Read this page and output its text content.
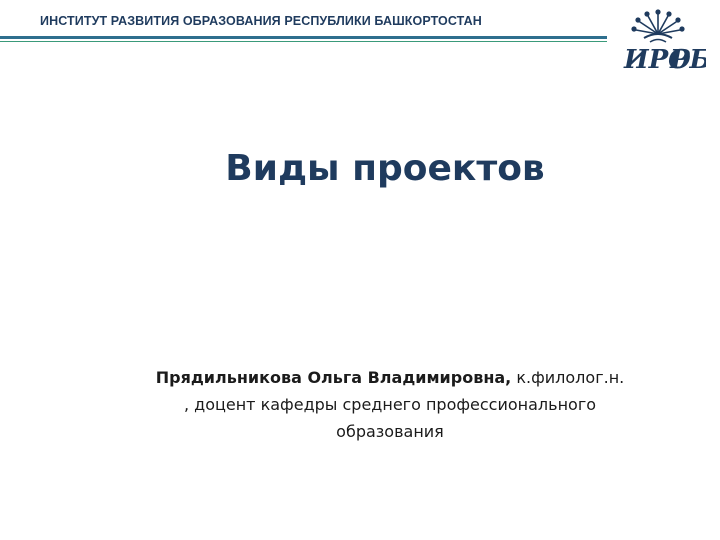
ИНСТИТУТ РАЗВИТИЯ ОБРАЗОВАНИЯ РЕСПУБЛИКИ БАШКОРТОСТАН
ИРО
Р
Виды проектов
Прядильникова Ольга Владимировна, к.филолог.н.
, доцент кафедры среднего профессионального
образования
